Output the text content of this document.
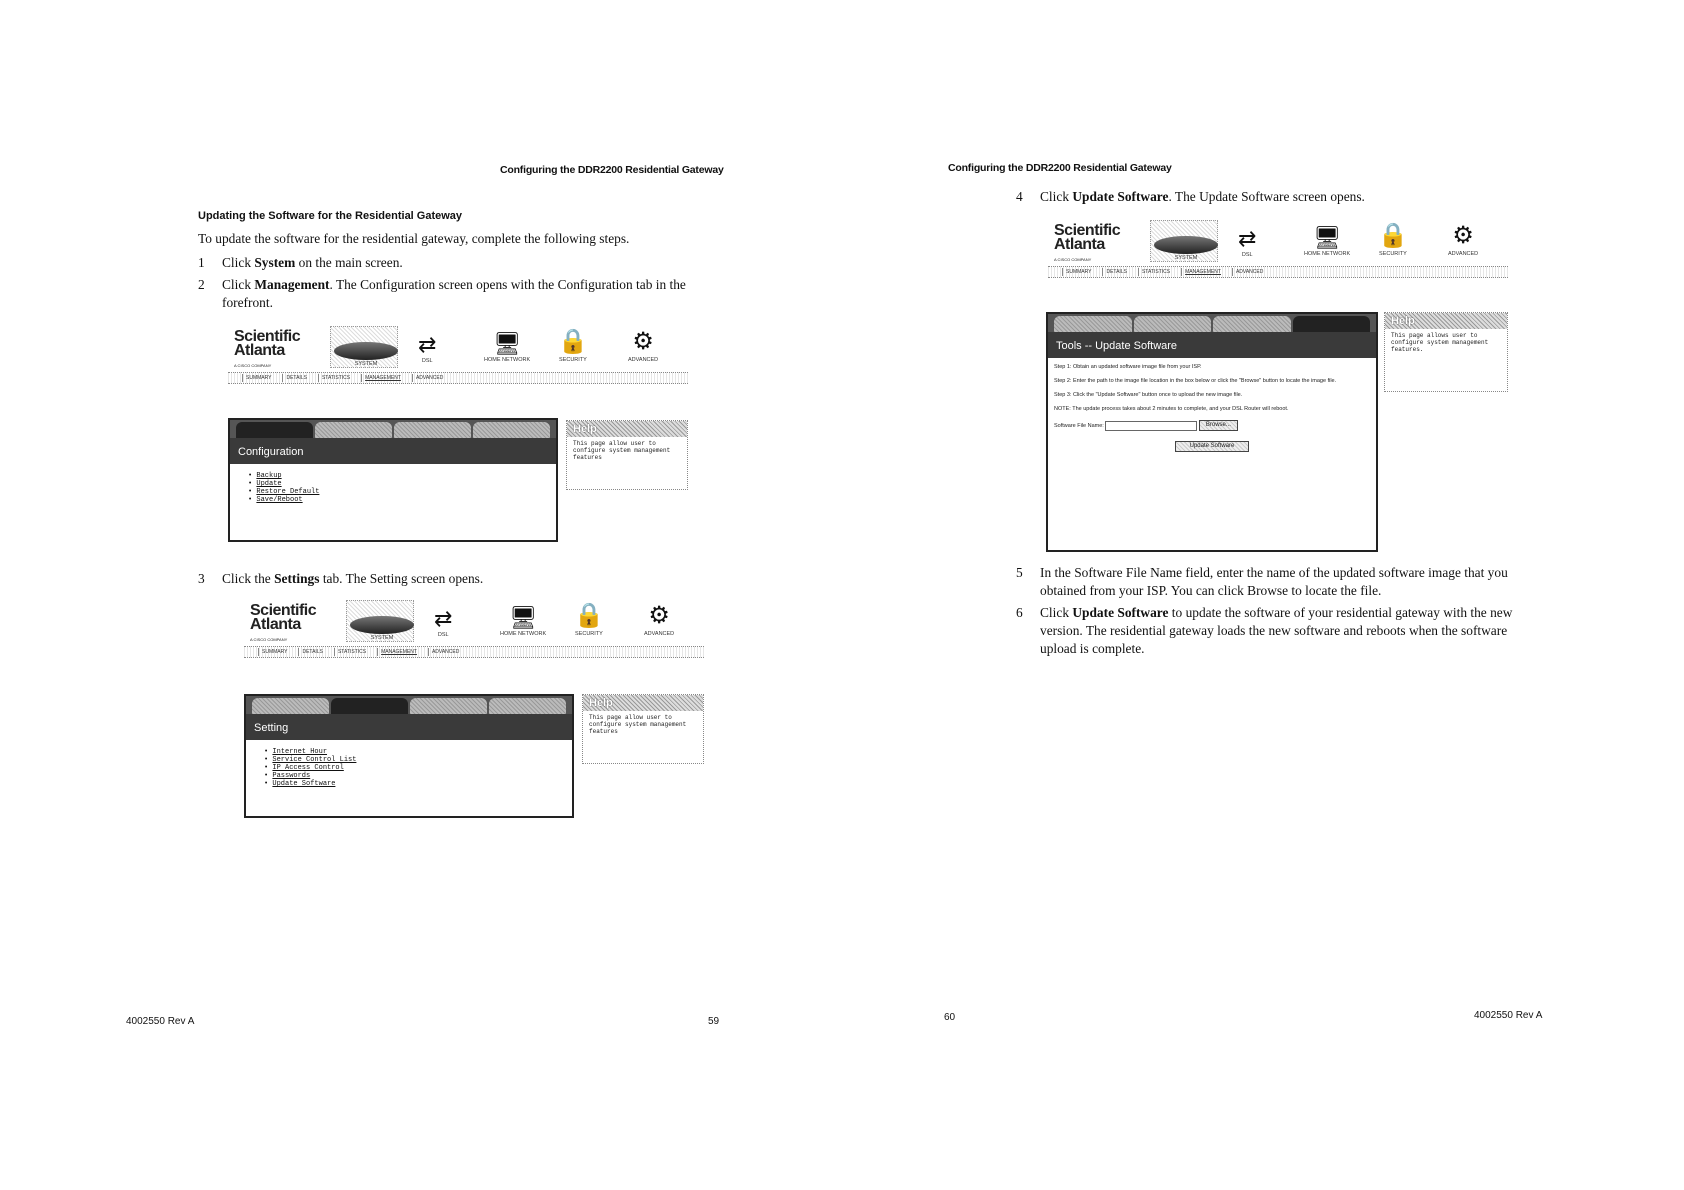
Configuring the DDR2200 Residential Gateway
Updating the Software for the Residential Gateway
To update the software for the residential gateway, complete the following steps.
1	Click System on the main screen.
2	Click Management. The Configuration screen opens with the Configuration tab in the forefront.
Scientific
Atlanta
A CISCO COMPANY	SYSTEM
⇄
DSL
🖥
HOME NETWORK
🔒
SECURITY
⚙
ADVANCED
SUMMARY	DETAILS	STATISTICS	MANAGEMENT	ADVANCED
Configuration
• Backup
• Update
• Restore Default
• Save/Reboot
Help
This page allow user to configure system management features
3	Click the Settings tab. The Setting screen opens.
Scientific
Atlanta
A CISCO COMPANY	SYSTEM
⇄
DSL
🖥
HOME NETWORK
🔒
SECURITY
⚙
ADVANCED
SUMMARY	DETAILS	STATISTICS	MANAGEMENT	ADVANCED
Setting
• Internet Hour
• Service Control List
• IP Access Control
• Passwords
• Update Software
Help
This page allow user to configure system management features
4002550 Rev A	59
Configuring the DDR2200 Residential Gateway
4	Click Update Software. The Update Software screen opens.
Scientific
Atlanta
A CISCO COMPANY	SYSTEM
⇄
DSL
🖥
HOME NETWORK
🔒
SECURITY
⚙
ADVANCED
SUMMARY	DETAILS	STATISTICS	MANAGEMENT	ADVANCED
Tools -- Update Software

Step 1: Obtain an updated software image file from your ISP.

Step 2: Enter the path to the image file location in the box below or click the "Browse" button to locate the image file.

Step 3: Click the "Update Software" button once to upload the new image file.

NOTE: The update process takes about 2 minutes to complete, and your DSL Router will reboot.

Software File Name:	Browse...
Update Software
Help
This page allows user to configure system management features.
5	In the Software File Name field, enter the name of the updated software image that you obtained from your ISP. You can click Browse to locate the file.
6	Click Update Software to update the software of your residential gateway with the new version. The residential gateway loads the new software and reboots when the software upload is complete.
60	4002550 Rev A
